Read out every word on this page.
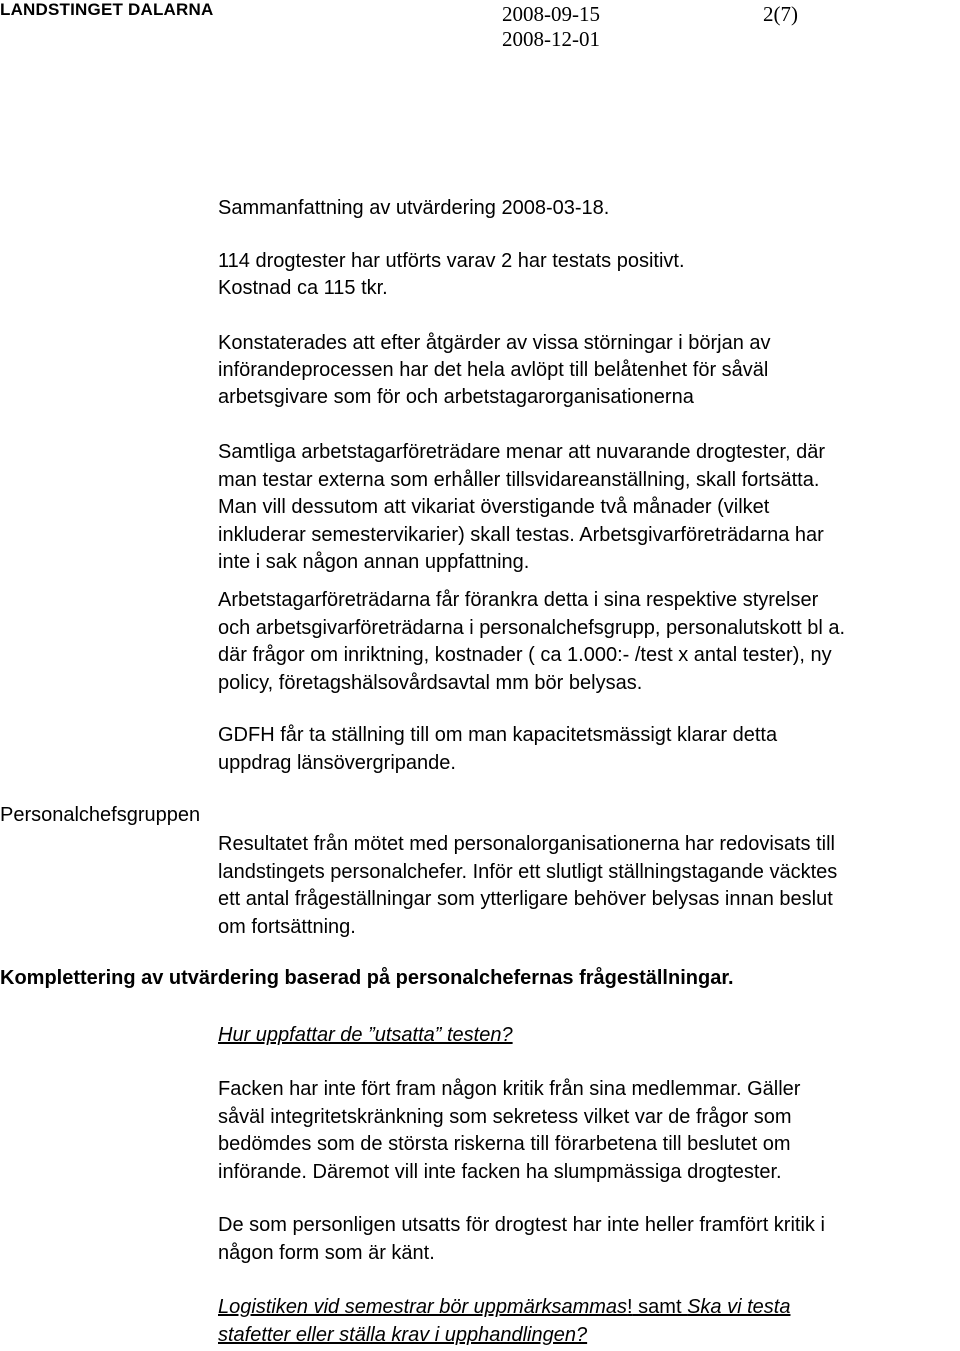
LANDSTINGET DALARNA	2008-09-15
2008-12-01
2(7)

Sammanfattning av utvärdering 2008-03-18.

114 drogtester har utförts varav 2 har testats positivt.
Kostnad ca 115 tkr.
Konstaterades att efter åtgärder av vissa störningar i början av
införandeprocessen har det hela avlöpt till belåtenhet för såväl
arbetsgivare som för och arbetstagarorganisationerna
Samtliga arbetstagarföreträdare menar att nuvarande drogtester, där
man testar externa som erhåller tillsvidareanställning, skall fortsätta.
Man vill dessutom att vikariat överstigande två månader (vilket
inkluderar semestervikarier) skall testas. Arbetsgivarföreträdarna har
inte i sak någon annan uppfattning.
Arbetstagarföreträdarna får förankra detta i sina respektive styrelser
och arbetsgivarföreträdarna i personalchefsgrupp, personalutskott bl a.
där frågor om inriktning, kostnader ( ca 1.000:- /test x antal tester), ny
policy, företagshälsovårdsavtal mm bör belysas.
GDFH får ta ställning till om man kapacitetsmässigt klarar detta
uppdrag länsövergripande.

Personalchefsgruppen

Resultatet från mötet med personalorganisationerna har redovisats till
landstingets personalchefer. Inför ett slutligt ställningstagande väcktes
ett antal frågeställningar som ytterligare behöver belysas innan beslut
om fortsättning.

Komplettering av utvärdering baserad på personalchefernas frågeställningar.

Hur uppfattar de ”utsatta” testen?

Facken har inte fört fram någon kritik från sina medlemmar. Gäller
såväl integritetskränkning som sekretess vilket var de frågor som
bedömdes som de största riskerna till förarbetena till beslutet om
införande. Däremot vill inte facken ha slumpmässiga drogtester.
De som personligen utsatts för drogtest har inte heller framfört kritik i
någon form som är känt.
Logistiken vid semestrar bör uppmärksammas! samt Ska vi testa
stafetter eller ställa krav i upphandlingen?
